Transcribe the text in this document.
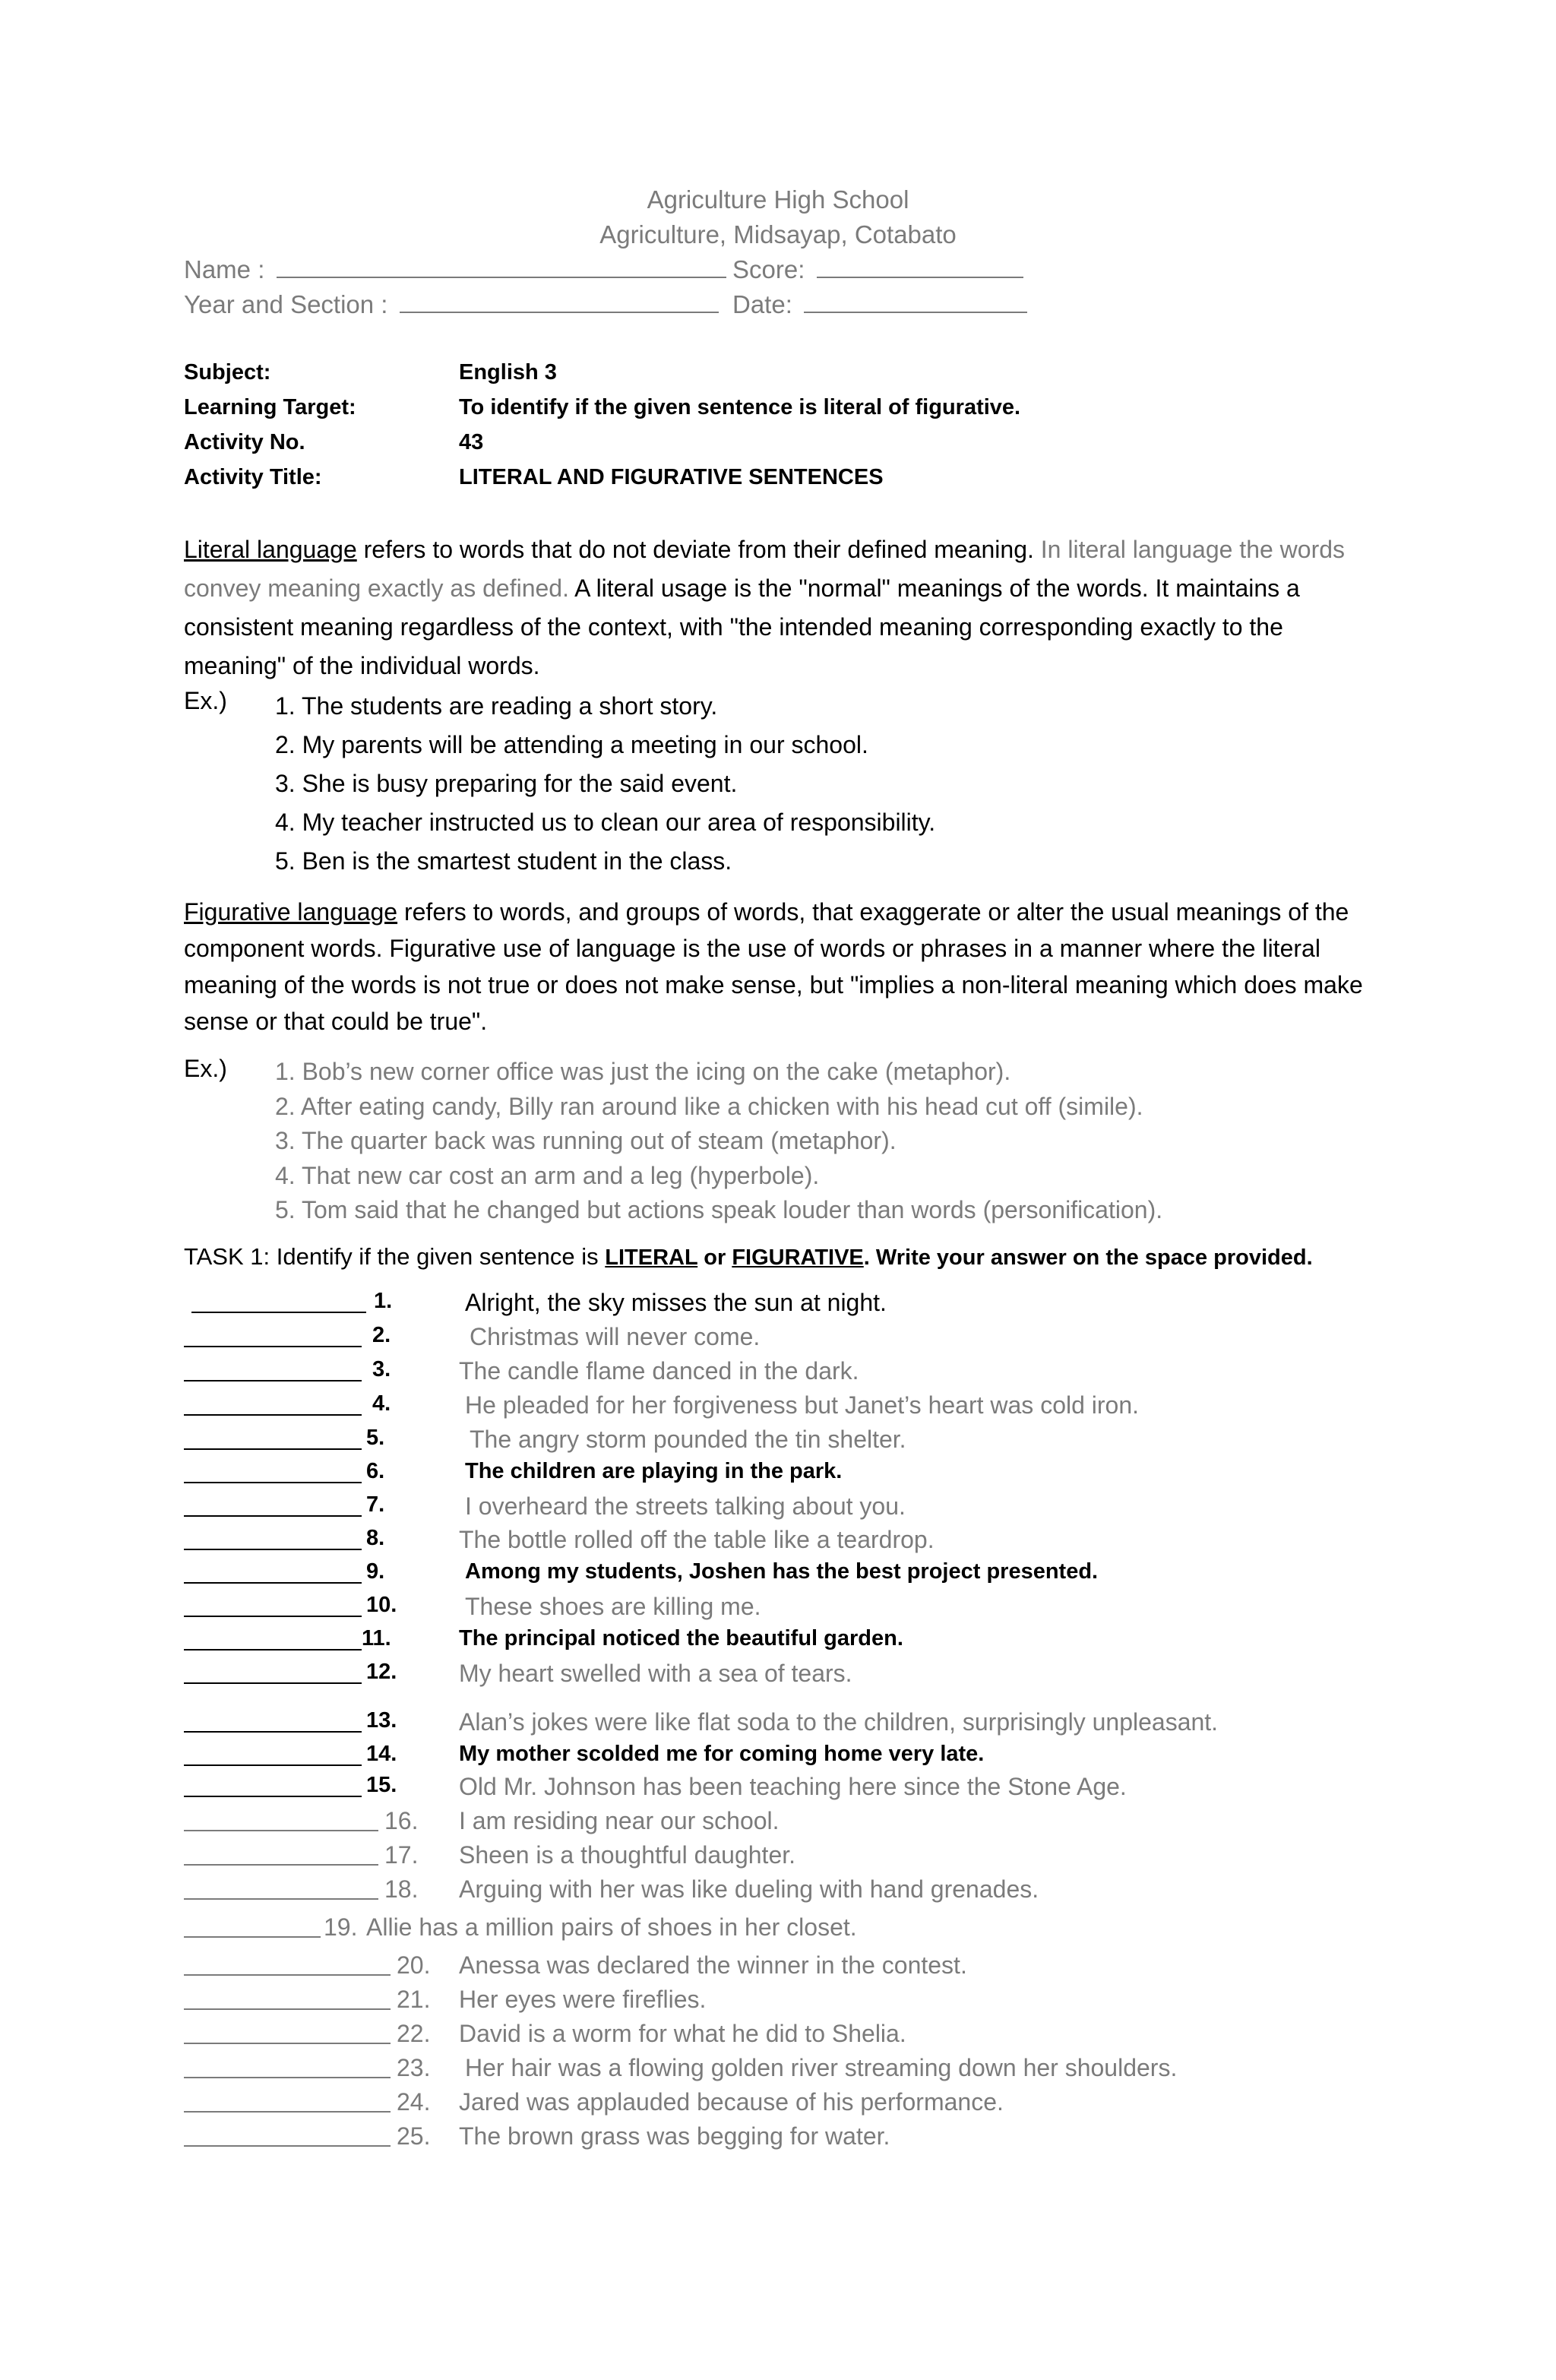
Agriculture High School
Agriculture, Midsayap, Cotabato
Name :	Score:
Year and Section :	Date:
Subject:	English 3
Learning Target:	To identify if the given sentence is literal of figurative.
Activity No.	43
Activity Title:	LITERAL AND FIGURATIVE SENTENCES
Literal language refers to words that do not deviate from their defined meaning. In literal language the words convey meaning exactly as defined. A literal usage is the "normal" meanings of the words. It maintains a consistent meaning regardless of the context, with "the intended meaning corresponding exactly to the meaning" of the individual words.
Ex.) 1. The students are reading a short story.
2. My parents will be attending a meeting in our school.
3. She is busy preparing for the said event.
4. My teacher instructed us to clean our area of responsibility.
5. Ben is the smartest student in the class.
Figurative language refers to words, and groups of words, that exaggerate or alter the usual meanings of the component words. Figurative use of language is the use of words or phrases in a manner where the literal meaning of the words is not true or does not make sense, but "implies a non-literal meaning which does make sense or that could be true".
Ex.) 1. Bob’s new corner office was just the icing on the cake (metaphor).
2. After eating candy, Billy ran around like a chicken with his head cut off (simile).
3. The quarter back was running out of steam (metaphor).
4. That new car cost an arm and a leg (hyperbole).
5. Tom said that he changed but actions speak louder than words (personification).
TASK 1: Identify if the given sentence is LITERAL or FIGURATIVE. Write your answer on the space provided.
1.	Alright, the sky misses the sun at night.
2.	Christmas will never come.
3.	The candle flame danced in the dark.
4.	He pleaded for her forgiveness but Janet’s heart was cold iron.
5.	The angry storm pounded the tin shelter.
6.	The children are playing in the park.
7.	I overheard the streets talking about you.
8.	The bottle rolled off the table like a teardrop.
9.	Among my students, Joshen has the best project presented.
10.	These shoes are killing me.
11.	The principal noticed the beautiful garden.
12.	My heart swelled with a sea of tears.
13.	Alan’s jokes were like flat soda to the children, surprisingly unpleasant.
14.	My mother scolded me for coming home very late.
15.	Old Mr. Johnson has been teaching here since the Stone Age.
16. I am residing near our school.
17. Sheen is a thoughtful daughter.
18. Arguing with her was like dueling with hand grenades.
19. Allie has a million pairs of shoes in her closet.
20. Anessa was declared the winner in the contest.
21. Her eyes were fireflies.
22. David is a worm for what he did to Shelia.
23. Her hair was a flowing golden river streaming down her shoulders.
24. Jared was applauded because of his performance.
25. The brown grass was begging for water.
